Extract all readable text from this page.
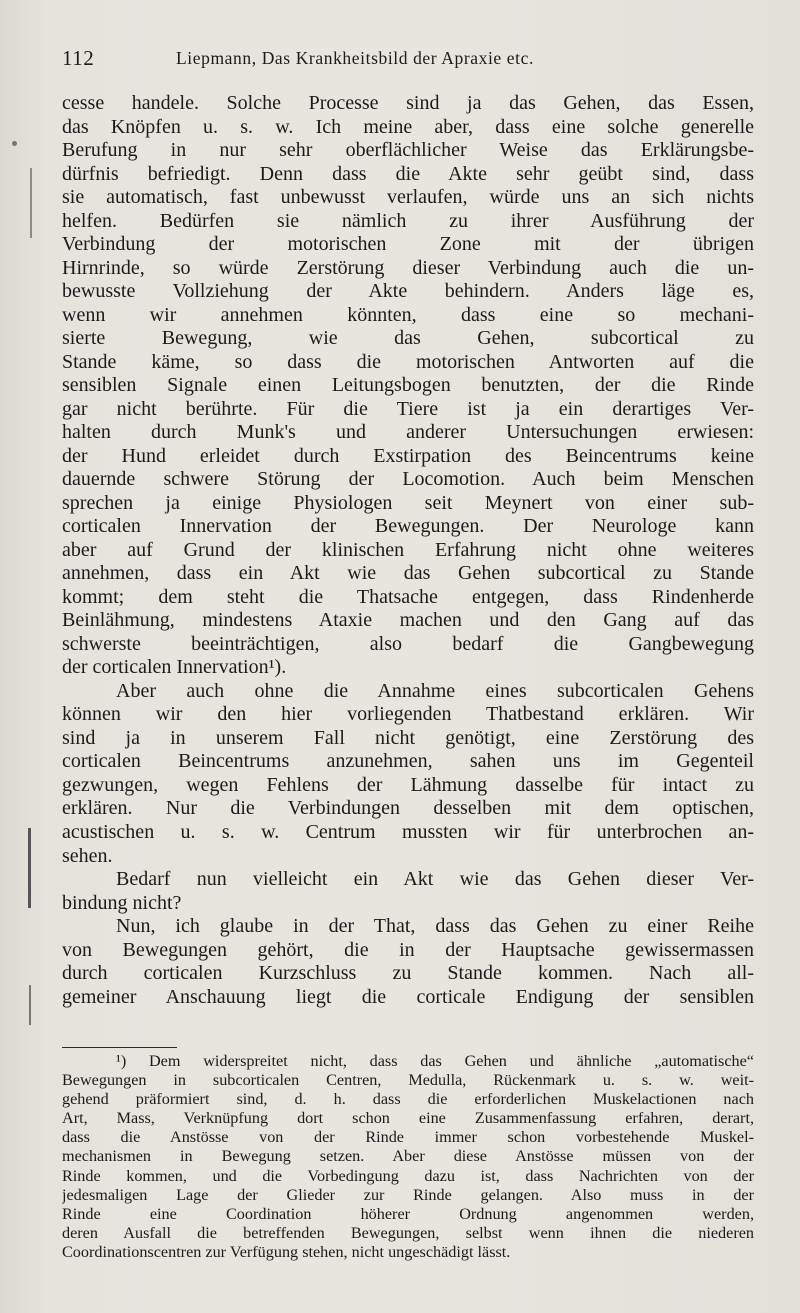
112	Liepmann, Das Krankheitsbild der Apraxie etc.
cesse handele. Solche Processe sind ja das Gehen, das Essen,
das Knöpfen u. s. w. Ich meine aber, dass eine solche generelle
Berufung in nur sehr oberflächlicher Weise das Erklärungsbe-
dürfnis befriedigt. Denn dass die Akte sehr geübt sind, dass
sie automatisch, fast unbewusst verlaufen, würde uns an sich nichts
helfen. Bedürfen sie nämlich zu ihrer Ausführung der
Verbindung der motorischen Zone mit der übrigen
Hirnrinde, so würde Zerstörung dieser Verbindung auch die un-
bewusste Vollziehung der Akte behindern. Anders läge es,
wenn wir annehmen könnten, dass eine so mechani-
sierte Bewegung, wie das Gehen, subcortical zu
Stande käme, so dass die motorischen Antworten auf die
sensiblen Signale einen Leitungsbogen benutzten, der die Rinde
gar nicht berührte. Für die Tiere ist ja ein derartiges Ver-
halten durch Munk's und anderer Untersuchungen erwiesen:
der Hund erleidet durch Exstirpation des Beincentrums keine
dauernde schwere Störung der Locomotion. Auch beim Menschen
sprechen ja einige Physiologen seit Meynert von einer sub-
corticalen Innervation der Bewegungen. Der Neurologe kann
aber auf Grund der klinischen Erfahrung nicht ohne weiteres
annehmen, dass ein Akt wie das Gehen subcortical zu Stande
kommt; dem steht die Thatsache entgegen, dass Rindenherde
Beinlähmung, mindestens Ataxie machen und den Gang auf das
schwerste beeinträchtigen, also bedarf die Gangbewegung
der corticalen Innervation¹).
Aber auch ohne die Annahme eines subcorticalen Gehens
können wir den hier vorliegenden Thatbestand erklären. Wir
sind ja in unserem Fall nicht genötigt, eine Zerstörung des
corticalen Beincentrums anzunehmen, sahen uns im Gegenteil
gezwungen, wegen Fehlens der Lähmung dasselbe für intact zu
erklären. Nur die Verbindungen desselben mit dem optischen,
acustischen u. s. w. Centrum mussten wir für unterbrochen an-
sehen.
Bedarf nun vielleicht ein Akt wie das Gehen dieser Ver-
bindung nicht?
Nun, ich glaube in der That, dass das Gehen zu einer Reihe
von Bewegungen gehört, die in der Hauptsache gewissermassen
durch corticalen Kurzschluss zu Stande kommen. Nach all-
gemeiner Anschauung liegt die corticale Endigung der sensiblen
¹) Dem widerspreitet nicht, dass das Gehen und ähnliche „automatische“
Bewegungen in subcorticalen Centren, Medulla, Rückenmark u. s. w. weit-
gehend präformiert sind, d. h. dass die erforderlichen Muskelactionen nach
Art, Mass, Verknüpfung dort schon eine Zusammenfassung erfahren, derart,
dass die Anstösse von der Rinde immer schon vorbestehende Muskel-
mechanismen in Bewegung setzen. Aber diese Anstösse müssen von der
Rinde kommen, und die Vorbedingung dazu ist, dass Nachrichten von der
jedesmaligen Lage der Glieder zur Rinde gelangen. Also muss in der
Rinde eine Coordination höherer Ordnung angenommen werden,
deren Ausfall die betreffenden Bewegungen, selbst wenn ihnen die niederen
Coordinationscentren zur Verfügung stehen, nicht ungeschädigt lässt.
